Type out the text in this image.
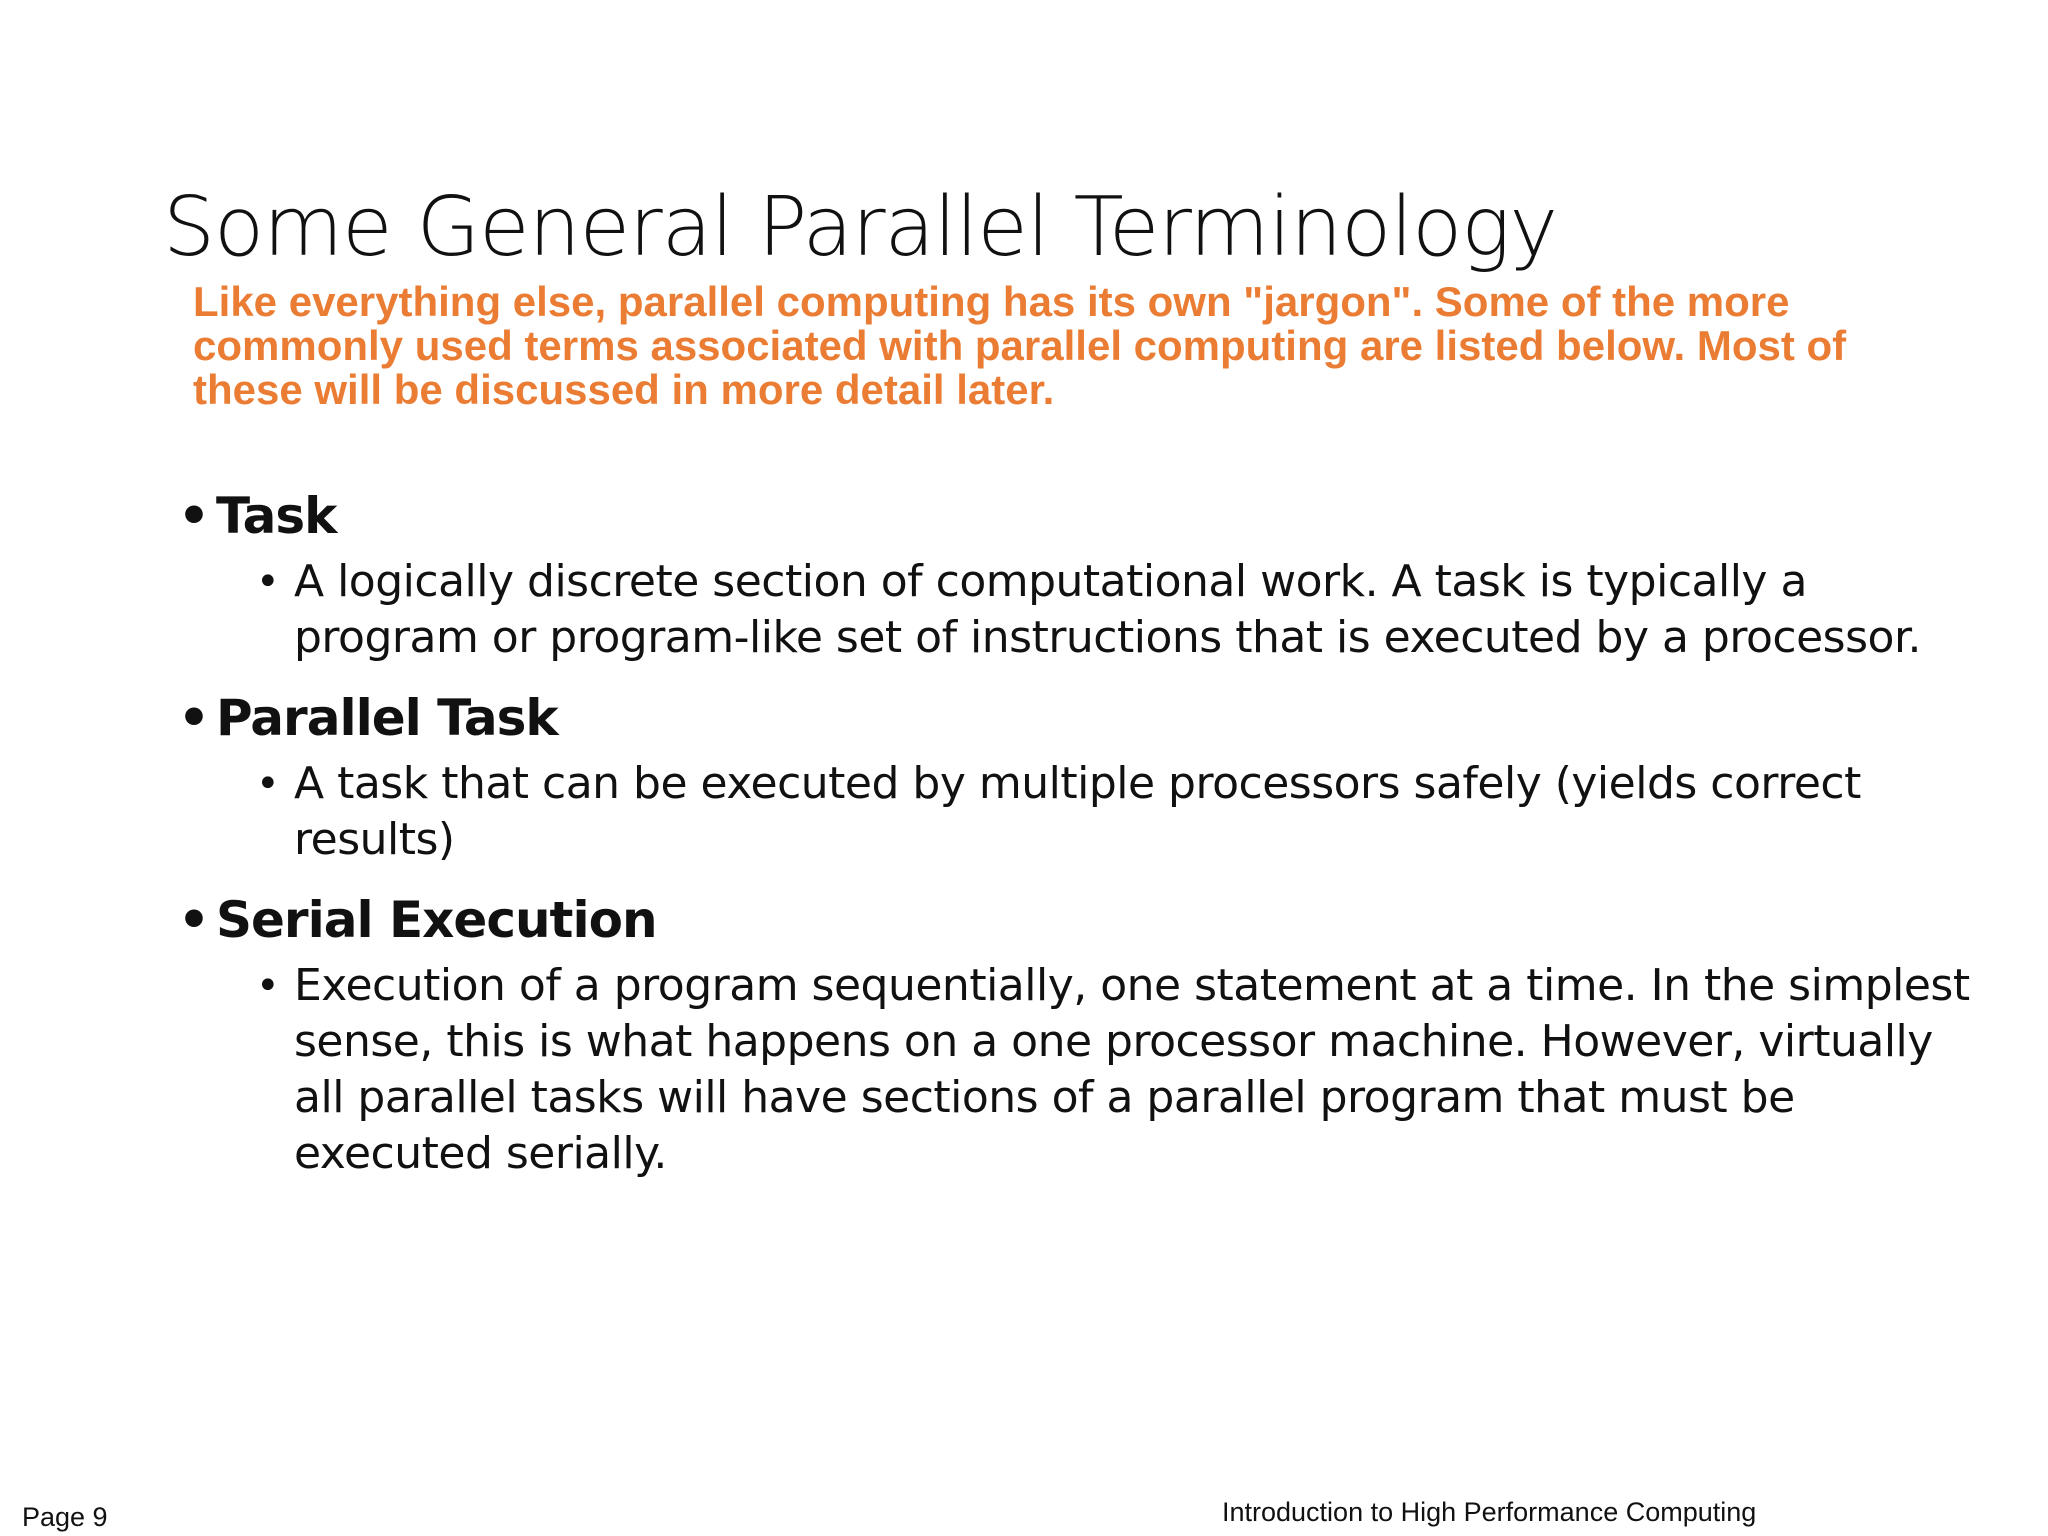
Some General Parallel Terminology

Like everything else, parallel computing has its own "jargon". Some of the more commonly used terms associated with parallel computing are listed below. Most of these will be discussed in more detail later.

• Task
• A logically discrete section of computational work. A task is typically a program or program-like set of instructions that is executed by a processor.
• Parallel Task
• A task that can be executed by multiple processors safely (yields correct results)
• Serial Execution
• Execution of a program sequentially, one statement at a time. In the simplest sense, this is what happens on a one processor machine. However, virtually all parallel tasks will have sections of a parallel program that must be executed serially.
Page 9	Introduction to High Performance Computing
